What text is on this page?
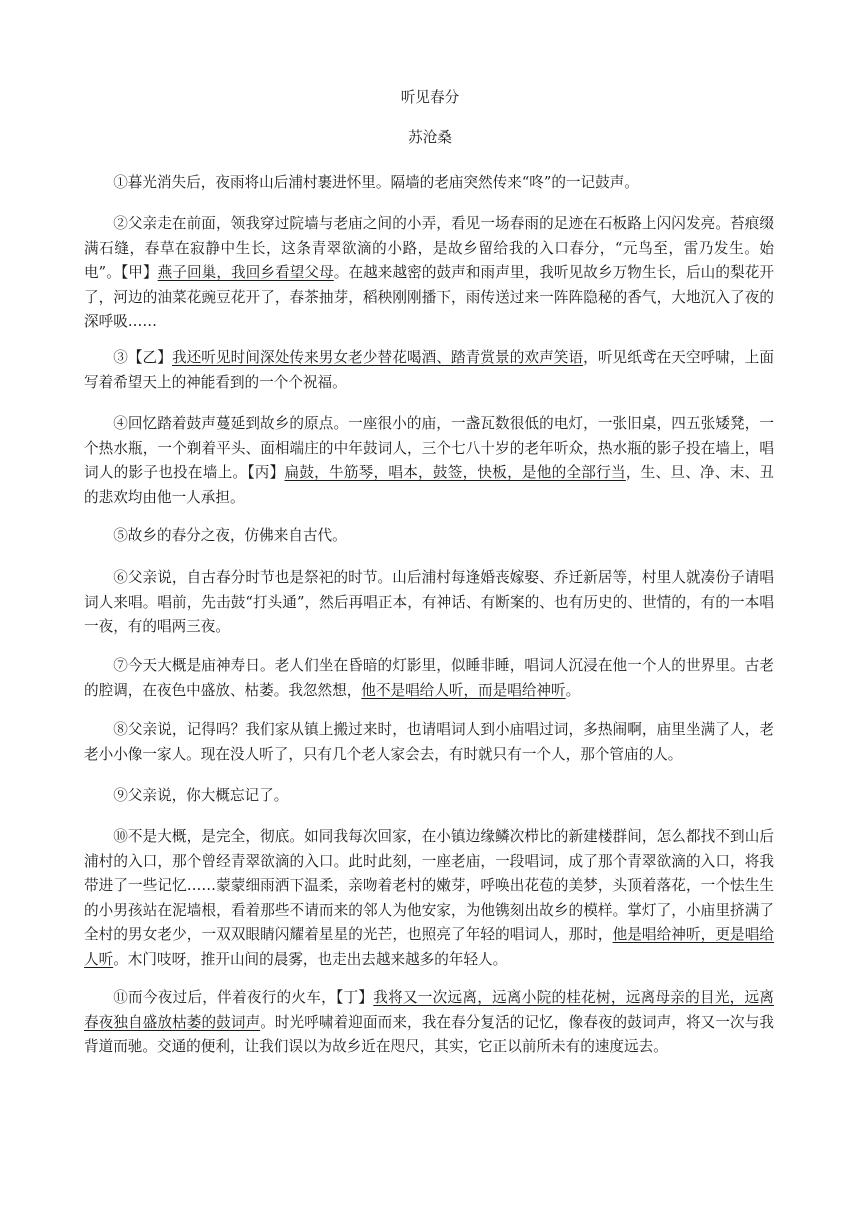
听见春分
苏沧桑

①暮光消失后，夜雨将山后浦村裹进怀里。隔墙的老庙突然传来“咚”的一记鼓声。

②父亲走在前面，领我穿过院墙与老庙之间的小弄，看见一场春雨的足迹在石板路上闪闪发亮。苔痕缀满石缝，春草在寂静中生长，这条青翠欲滴的小路，是故乡留给我的入口春分，“元鸟至，雷乃发生。始电”。【甲】燕子回巢，我回乡看望父母。在越来越密的鼓声和雨声里，我听见故乡万物生长，后山的梨花开了，河边的油菜花豌豆花开了，春茶抽芽，稻秧刚刚播下，雨传送过来一阵阵隐秘的香气，大地沉入了夜的深呼吸……

③【乙】我还听见时间深处传来男女老少替花喝酒、踏青赏景的欢声笑语，听见纸鸢在天空呼啸，上面写着希望天上的神能看到的一个个祝福。

④回忆踏着鼓声蔓延到故乡的原点。一座很小的庙，一盏瓦数很低的电灯，一张旧桌，四五张矮凳，一个热水瓶，一个剃着平头、面相端庄的中年鼓词人，三个七八十岁的老年听众，热水瓶的影子投在墙上，唱词人的影子也投在墙上。【丙】扁鼓，牛筋琴，唱本，鼓签，快板，是他的全部行当，生、旦、净、末、丑的悲欢均由他一人承担。

⑤故乡的春分之夜，仿佛来自古代。

⑥父亲说，自古春分时节也是祭祀的时节。山后浦村每逢婚丧嫁娶、乔迁新居等，村里人就凑份子请唱词人来唱。唱前，先击鼓“打头通”，然后再唱正本，有神话、有断案的、也有历史的、世情的，有的一本唱一夜，有的唱两三夜。

⑦今天大概是庙神寿日。老人们坐在昏暗的灯影里，似睡非睡，唱词人沉浸在他一个人的世界里。古老的腔调，在夜色中盛放、枯萎。我忽然想，他不是唱给人听，而是唱给神听。

⑧父亲说，记得吗？我们家从镇上搬过来时，也请唱词人到小庙唱过词，多热闹啊，庙里坐满了人，老老小小像一家人。现在没人听了，只有几个老人家会去，有时就只有一个人，那个管庙的人。

⑨父亲说，你大概忘记了。

⑩不是大概，是完全，彻底。如同我每次回家，在小镇边缘鳞次栉比的新建楼群间，怎么都找不到山后浦村的入口，那个曾经青翠欲滴的入口。此时此刻，一座老庙，一段唱词，成了那个青翠欲滴的入口，将我带进了一些记忆……蒙蒙细雨洒下温柔，亲吻着老村的嫩芽，呼唤出花苞的美梦，头顶着落花，一个怯生生的小男孩站在泥墙根，看着那些不请而来的邻人为他安家，为他镌刻出故乡的模样。掌灯了，小庙里挤满了全村的男女老少，一双双眼睛闪耀着星星的光芒，也照亮了年轻的唱词人，那时，他是唱给神听，更是唱给人听。木门吱呀，推开山间的晨雾，也走出去越来越多的年轻人。

⑪而今夜过后，伴着夜行的火车，【丁】我将又一次远离，远离小院的桂花树，远离母亲的目光，远离春夜独自盛放枯萎的鼓词声。时光呼啸着迎面而来，我在春分复活的记忆，像春夜的鼓词声，将又一次与我背道而驰。交通的便利，让我们误以为故乡近在咫尺，其实，它正以前所未有的速度远去。
